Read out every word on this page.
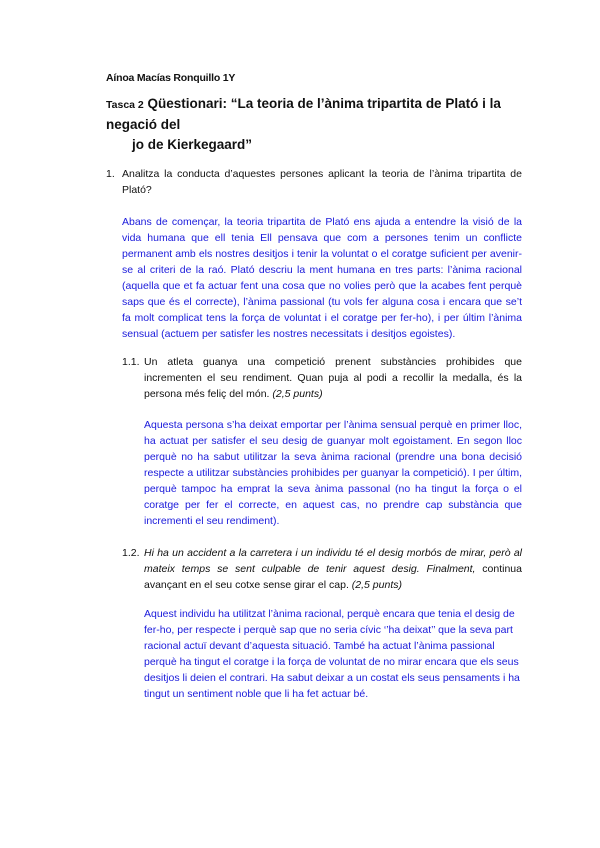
Aínoa Macías Ronquillo 1Y
Tasca 2 Qüestionari: “La teoria de l’ànima tripartita de Plató i la negació del
jo de Kierkegaard”
1. Analitza la conducta d’aquestes persones aplicant la teoria de l’ànima tripartita de Plató?
Abans de començar, la teoria tripartita de Plató ens ajuda a entendre la visió de la vida humana que ell tenia Ell pensava que com a persones tenim un conflicte permanent amb els nostres desitjos i tenir la voluntat o el coratge suficient per avenir-se al criteri de la raó. Plató descriu la ment humana en tres parts: l’ànima racional (aquella que et fa actuar fent una cosa que no volies però que la acabes fent perquè saps que és el correcte), l’ànima passional (tu vols fer alguna cosa i encara que se’t fa molt complicat tens la força de voluntat i el coratge per fer-ho), i per últim l’ànima sensual (actuem per satisfer les nostres necessitats i desitjos egoistes).
1.1. Un atleta guanya una competició prenent substàncies prohibides que incrementen el seu rendiment. Quan puja al podi a recollir la medalla, és la persona més feliç del món. (2,5 punts)
Aquesta persona s’ha deixat emportar per l’ànima sensual perquè en primer lloc, ha actuat per satisfer el seu desig de guanyar molt egoistament. En segon lloc perquè no ha sabut utilitzar la seva ànima racional (prendre una bona decisió respecte a utilitzar substàncies prohibides per guanyar la competició). I per últim, perquè tampoc ha emprat la seva ànima passonal (no ha tingut la força o el coratge per fer el correcte, en aquest cas, no prendre cap substància que incrementi el seu rendiment).
1.2. Hi ha un accident a la carretera i un individu té el desig morbós de mirar, però al mateix temps se sent culpable de tenir aquest desig. Finalment, continua avançant en el seu cotxe sense girar el cap. (2,5 punts)
Aquest individu ha utilitzat l’ànima racional, perquè encara que tenia el desig de fer-ho, per respecte i perquè sap que no seria cívic ‘’ha deixat’’ que la seva part racional actuï devant d’aquesta situació. També ha actuat l’ànima passional perquè ha tingut el coratge i la força de voluntat de no mirar encara que els seus desitjos li deien el contrari. Ha sabut deixar a un costat els seus pensaments i ha tingut un sentiment noble que li ha fet actuar bé.
